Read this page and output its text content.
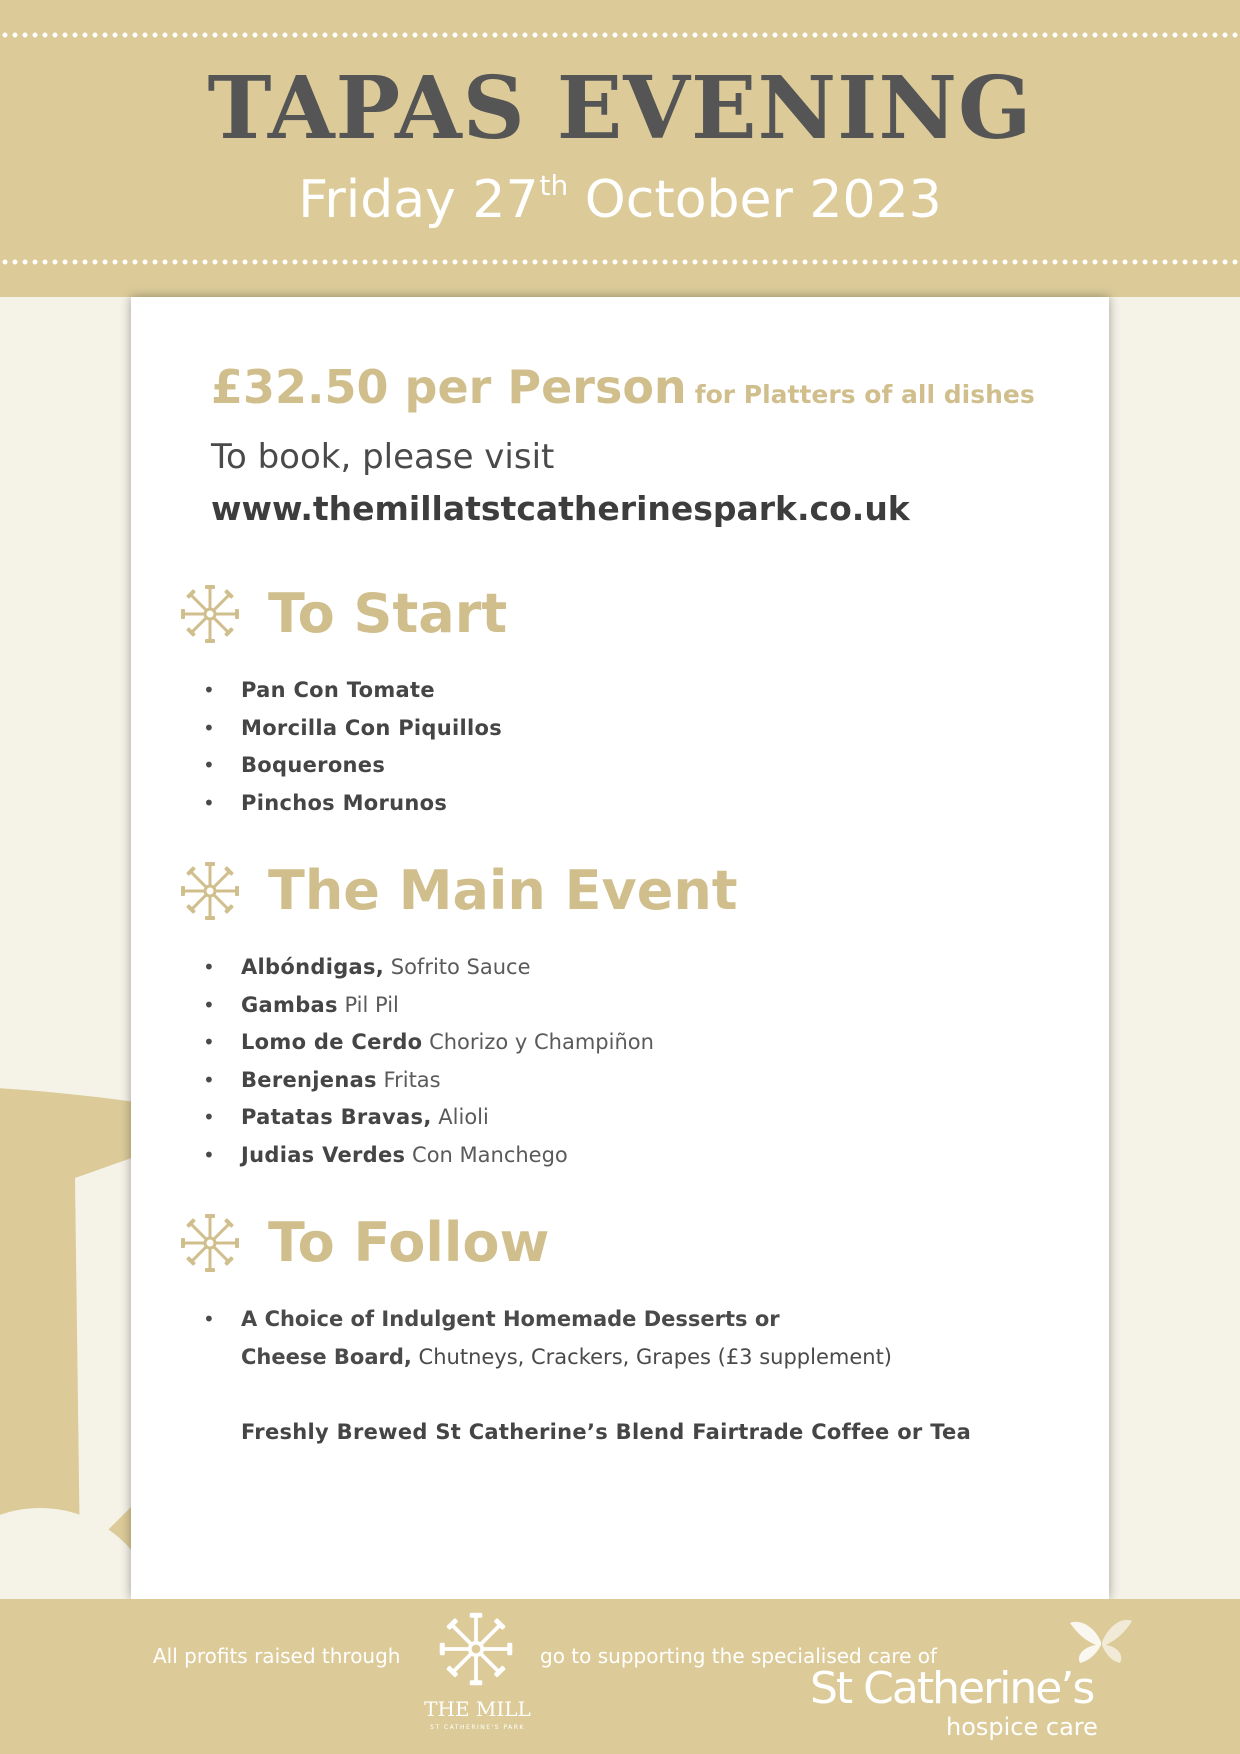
TAPAS EVENING
Friday 27th October 2023
£32.50 per Person for Platters of all dishes
To book, please visit
www.themillatstcatherinespark.co.uk
To Start
• Pan Con Tomate
• Morcilla Con Piquillos
• Boquerones
• Pinchos Morunos
The Main Event
• Albóndigas, Sofrito Sauce
• Gambas Pil Pil
• Lomo de Cerdo Chorizo y Champiñon
• Berenjenas Fritas
• Patatas Bravas, Alioli
• Judias Verdes Con Manchego
To Follow
• A Choice of Indulgent Homemade Desserts or
Cheese Board, Chutneys, Crackers, Grapes (£3 supplement)
Freshly Brewed St Catherine’s Blend Fairtrade Coffee or Tea
All profits raised through
THE MILL
ST CATHERINE'S PARK
go to supporting the specialised care of
St Catherine’s
hospice care
